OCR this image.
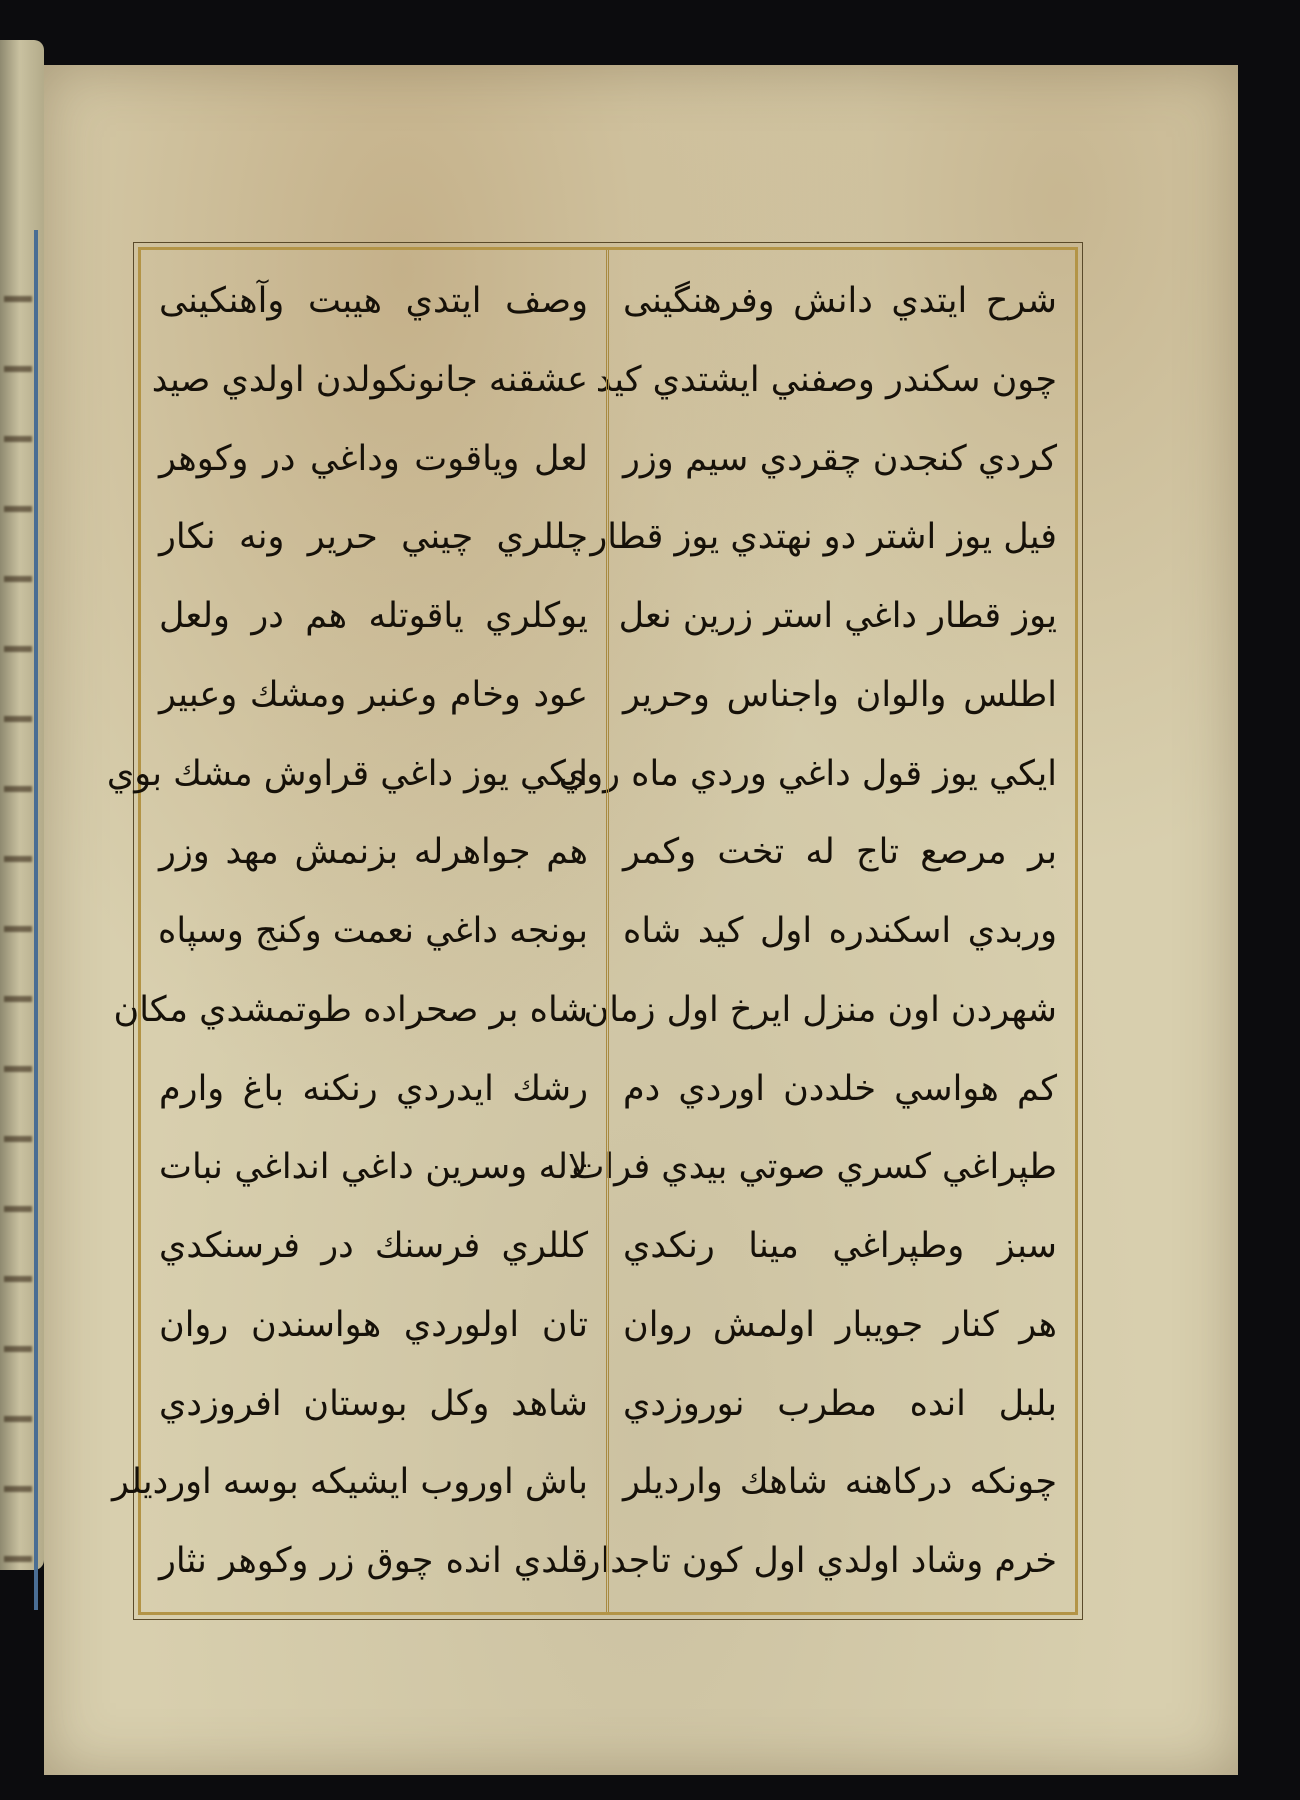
شرح ایتدي دانش وفرهنگینی
چون سکندر وصفني ایشتدي کید
کردي کنجدن چقردي سیم وزر
فيل یوز اشتر دو نهتدي یوز قطار
یوز قطار داغي استر زرین نعل
اطلس والوان واجناس وحریر
ایکي یوز قول داغي وردي ماه روي
بر مرصع تاج له تخت وکمر
وربدي اسکندره اول کید شاه
شهردن اون منزل ایرخ اول زمان
کم هواسي خلددن اوردي دم
طپراغي کسري صوتي بیدي فرات
سبز وطپراغي مینا رنکدي
هر کنار جویبار اولمش روان
بلبل انده مطرب نوروزدي
چونکه درکاهنه شاهك واردیلر
خرم وشاد اولدي اول کون تاجدار
وصف ایتدي هیبت وآهنکینی
عشقنه جانونکولدن اولدي صید
لعل ویاقوت وداغي در وکوهر
چللري چیني حریر ونه نکار
یوکلري یاقوتله هم در ولعل
عود وخام وعنبر ومشك وعبیر
ایکي یوز داغي قراوش مشك بوي
هم جواهرله بزنمش مهد وزر
بونجه داغي نعمت وکنج وسپاه
شاه بر صحراده طوتمشدي مکان
رشك ایدردي رنکنه باغ وارم
لاله وسرین داغي انداغي نبات
کللري فرسنك در فرسنکدي
تان اولوردي هواسندن روان
شاهد وکل بوستان افروزدي
باش اوروب ایشیکه بوسه اوردیلر
قلدي انده چوق زر وکوهر نثار
